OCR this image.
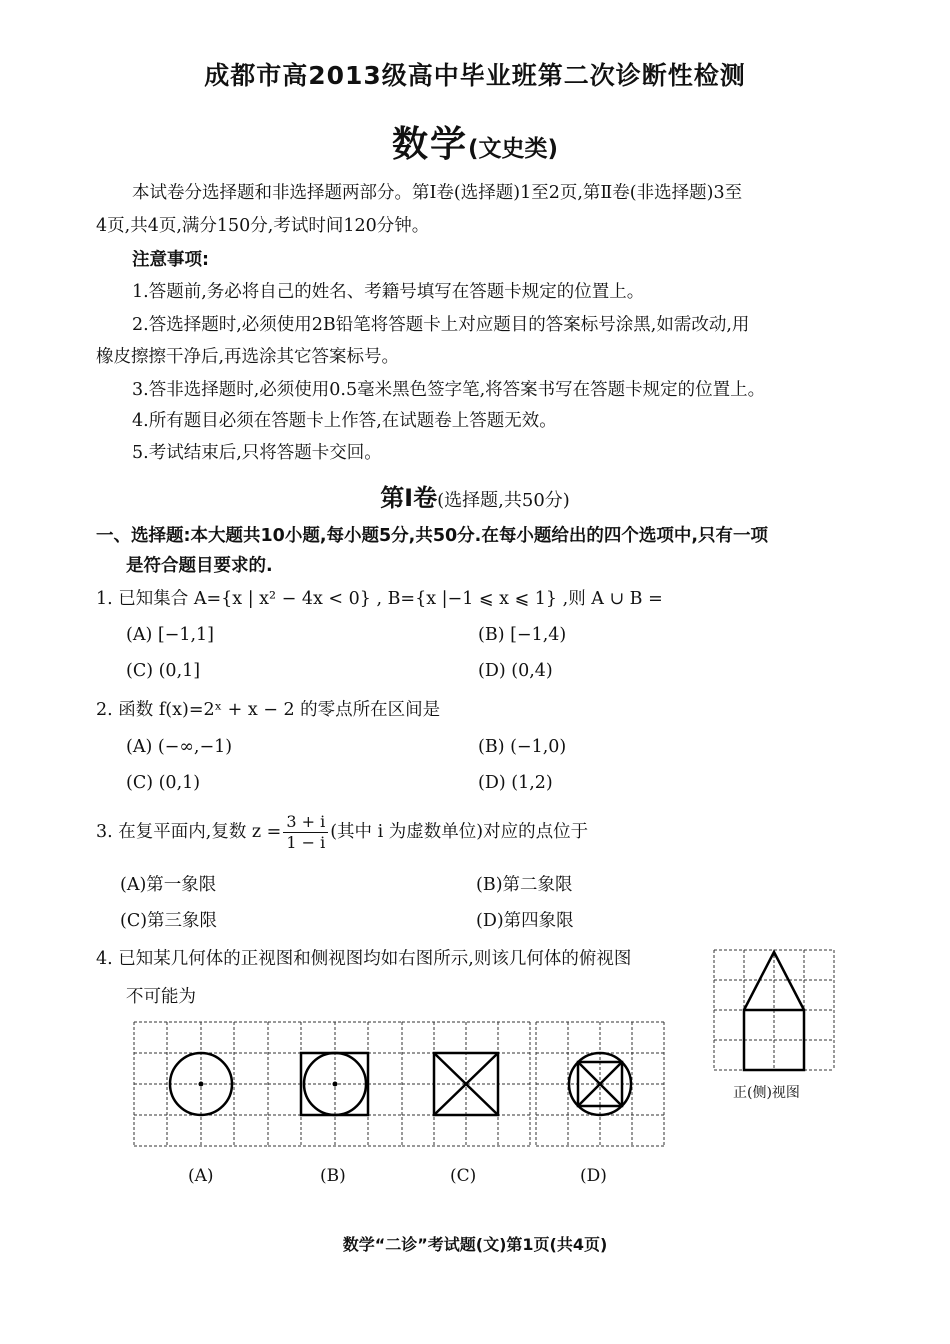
成都市高2013级高中毕业班第二次诊断性检测
数学(文史类)
本试卷分选择题和非选择题两部分。第Ⅰ卷(选择题)1至2页,第Ⅱ卷(非选择题)3至
4页,共4页,满分150分,考试时间120分钟。
注意事项:
1.答题前,务必将自己的姓名、考籍号填写在答题卡规定的位置上。
2.答选择题时,必须使用2B铅笔将答题卡上对应题目的答案标号涂黑,如需改动,用
橡皮擦擦干净后,再选涂其它答案标号。
3.答非选择题时,必须使用0.5毫米黑色签字笔,将答案书写在答题卡规定的位置上。
4.所有题目必须在答题卡上作答,在试题卷上答题无效。
5.考试结束后,只将答题卡交回。
第Ⅰ卷(选择题,共50分)
一、选择题:本大题共10小题,每小题5分,共50分.在每小题给出的四个选项中,只有一项
是符合题目要求的.
1. 已知集合 A={x | x² − 4x < 0} , B={x |−1 ⩽ x ⩽ 1} ,则 A ∪ B =
(A) [−1,1]	(B) [−1,4)
(C) (0,1]	(D) (0,4)
2. 函数 f(x)=2ˣ + x − 2 的零点所在区间是
(A) (−∞,−1)	(B) (−1,0)
(C) (0,1)	(D) (1,2)
3. 在复平面内,复数 $z = \frac{3 + i}{1 - i}$ (其中 i 为虚数单位)对应的点位于
(A)第一象限	(B)第二象限
(C)第三象限	(D)第四象限
4. 已知某几何体的正视图和侧视图均如右图所示,则该几何体的俯视图
不可能为
正(侧)视图
(A)	(B)	(C)	(D)
数学“二诊”考试题(文)第1页(共4页)
